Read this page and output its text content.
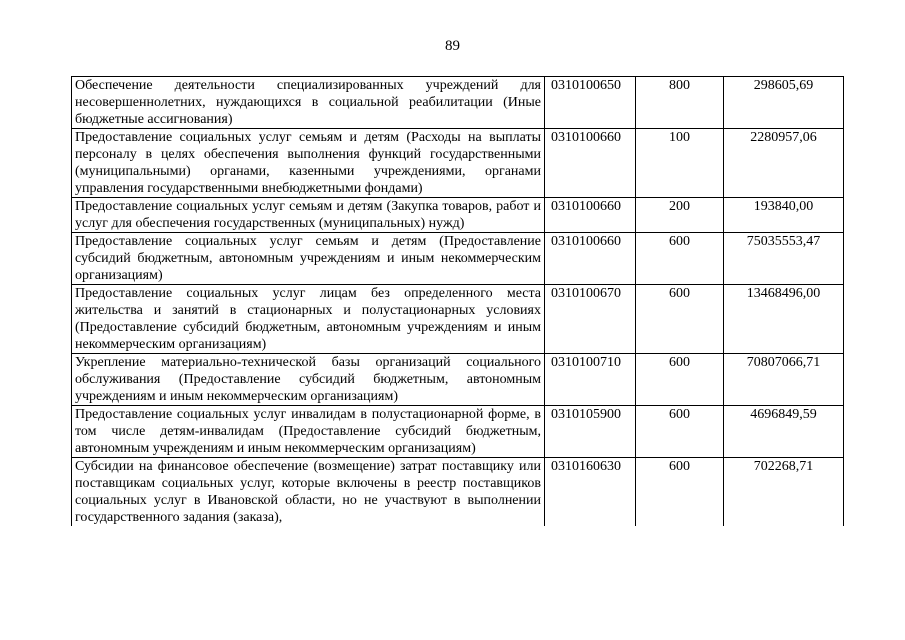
89
Обеспечение деятельности специализированных учреждений для несовершеннолетних, нуждающихся в социальной реабилитации (Иные бюджетные ассигнования)	0310100650	800	298605,69
Предоставление социальных услуг семьям и детям (Расходы на выплаты персоналу в целях обеспечения выполнения функций государственными (муниципальными) органами, казенными учреждениями, органами управления государственными внебюджетными фондами)	0310100660	100	2280957,06
Предоставление социальных услуг семьям и детям (Закупка товаров, работ и услуг для обеспечения государственных (муниципальных) нужд)	0310100660	200	193840,00
Предоставление социальных услуг семьям и детям (Предоставление субсидий бюджетным, автономным учреждениям и иным некоммерческим организациям)	0310100660	600	75035553,47
Предоставление социальных услуг лицам без определенного места жительства и занятий в стационарных и полустационарных условиях (Предоставление субсидий бюджетным, автономным учреждениям и иным некоммерческим организациям)	0310100670	600	13468496,00
Укрепление материально-технической базы организаций социального обслуживания (Предоставление субсидий бюджетным, автономным учреждениям и иным некоммерческим организациям)	0310100710	600	70807066,71
Предоставление социальных услуг инвалидам в полустационарной форме, в том числе детям-инвалидам (Предоставление субсидий бюджетным, автономным учреждениям и иным некоммерческим организациям)	0310105900	600	4696849,59

Субсидии на финансовое обеспечение (возмещение) затрат поставщику или поставщикам социальных услуг, которые включены в реестр поставщиков социальных услуг в Ивановской области, но не участвуют в выполнении государственного задания (заказа),	0310160630	600	702268,71
